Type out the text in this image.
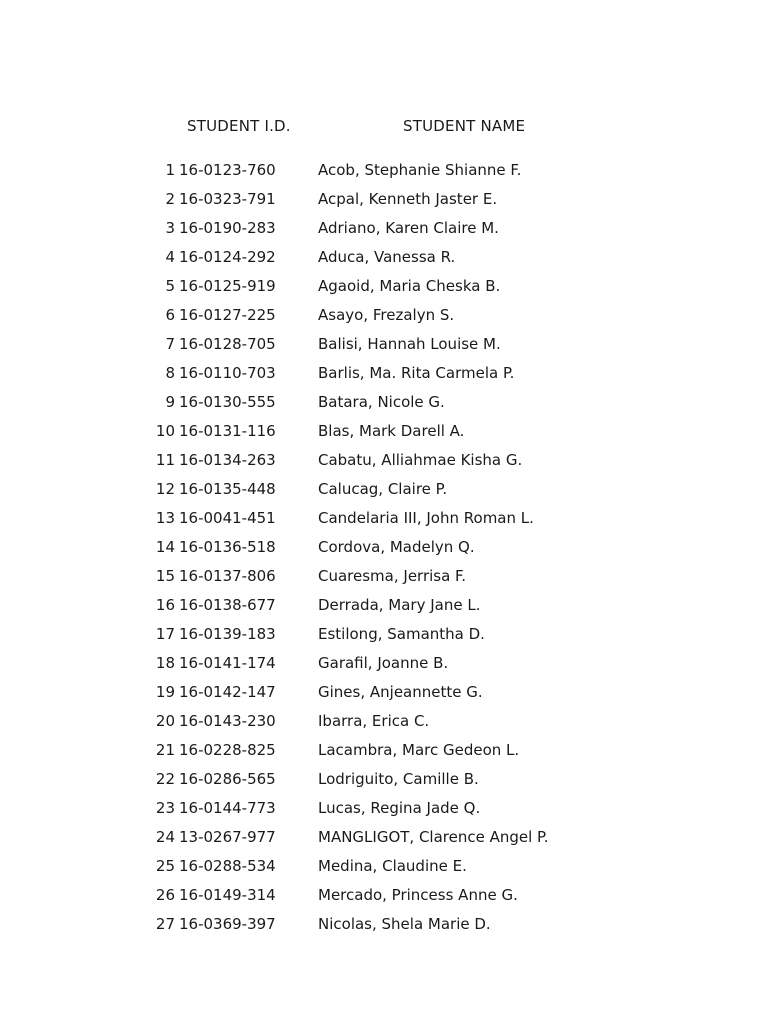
STUDENT I.D.	STUDENT NAME
1 16-0123-760	Acob, Stephanie Shianne F.
2 16-0323-791	Acpal, Kenneth Jaster E.
3 16-0190-283	Adriano, Karen Claire M.
4 16-0124-292	Aduca, Vanessa R.
5 16-0125-919	Agaoid, Maria Cheska B.
6 16-0127-225	Asayo, Frezalyn S.
7 16-0128-705	Balisi, Hannah Louise M.
8 16-0110-703	Barlis, Ma. Rita Carmela P.
9 16-0130-555	Batara, Nicole G.
10 16-0131-116	Blas, Mark Darell A.
11 16-0134-263	Cabatu, Alliahmae Kisha G.
12 16-0135-448	Calucag, Claire P.
13 16-0041-451	Candelaria III, John Roman L.
14 16-0136-518	Cordova, Madelyn Q.
15 16-0137-806	Cuaresma, Jerrisa F.
16 16-0138-677	Derrada, Mary Jane L.
17 16-0139-183	Estilong, Samantha D.
18 16-0141-174	Garafil, Joanne B.
19 16-0142-147	Gines, Anjeannette G.
20 16-0143-230	Ibarra, Erica C.
21 16-0228-825	Lacambra, Marc Gedeon L.
22 16-0286-565	Lodriguito, Camille B.
23 16-0144-773	Lucas, Regina Jade Q.
24 13-0267-977	MANGLIGOT, Clarence Angel P.
25 16-0288-534	Medina, Claudine E.
26 16-0149-314	Mercado, Princess Anne G.
27 16-0369-397	Nicolas, Shela Marie D.
